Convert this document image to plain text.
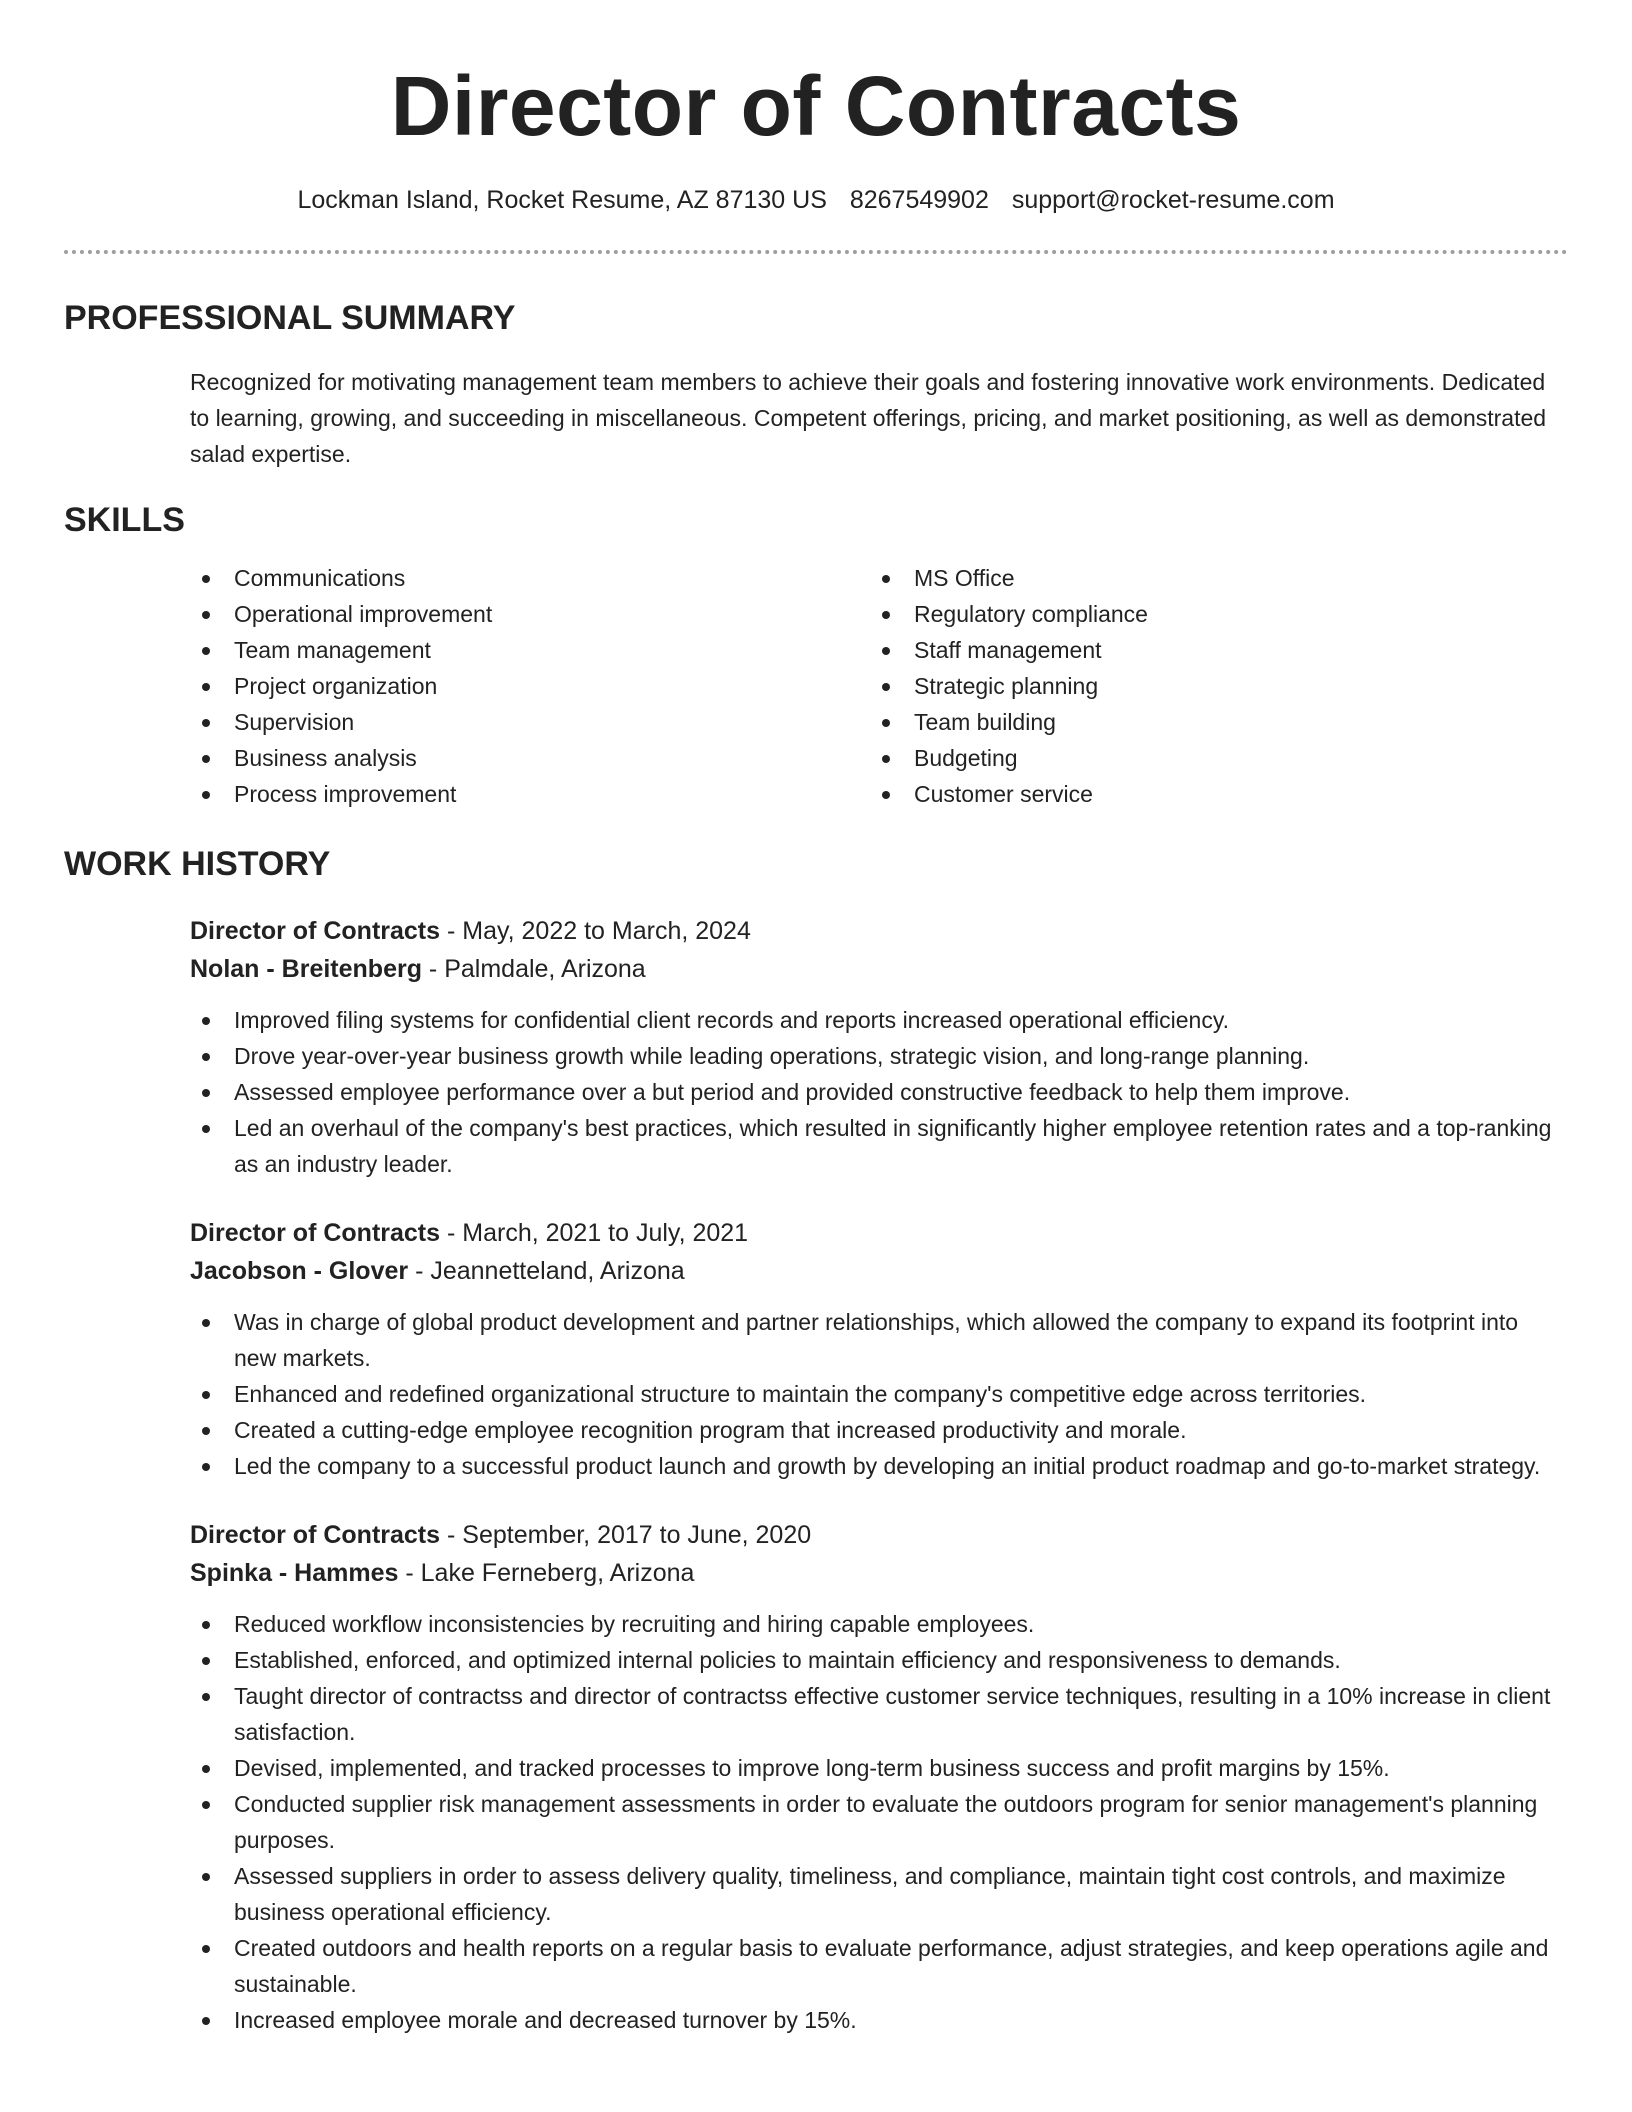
Director of Contracts
Lockman Island, Rocket Resume, AZ 87130 US 8267549902 support@rocket-resume.com
PROFESSIONAL SUMMARY

Recognized for motivating management team members to achieve their goals and fostering innovative work environments. Dedicated to learning, growing, and succeeding in miscellaneous. Competent offerings, pricing, and market positioning, as well as demonstrated salad expertise.

SKILLS
Communications
Operational improvement
Team management
Project organization
Supervision
Business analysis
Process improvement
MS Office
Regulatory compliance
Staff management
Strategic planning
Team building
Budgeting
Customer service
WORK HISTORY
Director of Contracts - May, 2022 to March, 2024
Nolan - Breitenberg - Palmdale, Arizona
Improved filing systems for confidential client records and reports increased operational efficiency.
Drove year-over-year business growth while leading operations, strategic vision, and long-range planning.
Assessed employee performance over a but period and provided constructive feedback to help them improve.
Led an overhaul of the company's best practices, which resulted in significantly higher employee retention rates and a top-ranking as an industry leader.
Director of Contracts - March, 2021 to July, 2021
Jacobson - Glover - Jeannetteland, Arizona
Was in charge of global product development and partner relationships, which allowed the company to expand its footprint into new markets.
Enhanced and redefined organizational structure to maintain the company's competitive edge across territories.
Created a cutting-edge employee recognition program that increased productivity and morale.
Led the company to a successful product launch and growth by developing an initial product roadmap and go-to-market strategy.
Director of Contracts - September, 2017 to June, 2020
Spinka - Hammes - Lake Ferneberg, Arizona
Reduced workflow inconsistencies by recruiting and hiring capable employees.
Established, enforced, and optimized internal policies to maintain efficiency and responsiveness to demands.
Taught director of contractss and director of contractss effective customer service techniques, resulting in a 10% increase in client satisfaction.
Devised, implemented, and tracked processes to improve long-term business success and profit margins by 15%.
Conducted supplier risk management assessments in order to evaluate the outdoors program for senior management's planning purposes.
Assessed suppliers in order to assess delivery quality, timeliness, and compliance, maintain tight cost controls, and maximize business operational efficiency.
Created outdoors and health reports on a regular basis to evaluate performance, adjust strategies, and keep operations agile and sustainable.
Increased employee morale and decreased turnover by 15%.
